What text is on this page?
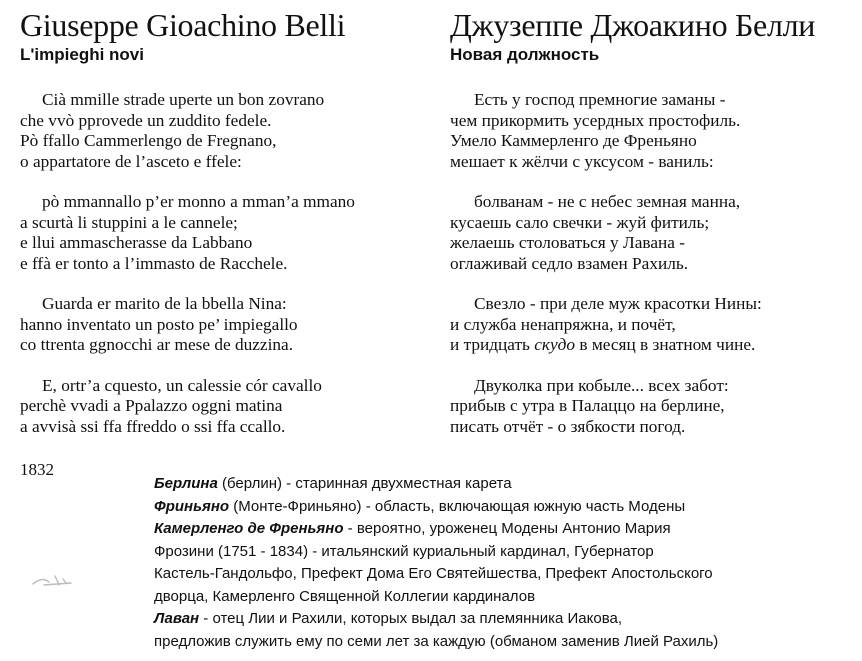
Giuseppe Gioachino Belli
L'impieghi novi
Cià mmille strade uperte un bon zovrano
che vvò pprovede un zuddito fedele.
Pò ffallo Cammerlengo de Fregnano,
o appartatore de l’asceto e ffele:
pò mmannallo p’er monno a mman’a mmano
a scurtà li stuppini a le cannele;
e llui ammascherasse da Labbano
e ffà er tonto a l’immasto de Racchele.
Guarda er marito de la bbella Nina:
hanno inventato un posto pe’ impiegallo
co ttrenta ggnocchi ar mese de duzzina.
E, ortr’a cquesto, un calessie cór cavallo
perchè vvadi a Ppalazzo oggni matina
a avvisà ssi ffa ffreddo o ssi ffa ccallo.
Джузеппе Джоакино Белли
Новая должность
Есть у господ премногие заманы -
чем прикормить усердных простофиль.
Умело Каммерленго де Френьяно
мешает к жёлчи с уксусом - ваниль:
болванам - не с небес земная манна,
кусаешь сало свечки - жуй фитиль;
желаешь столоваться у Лавана -
оглаживай седло взамен Рахиль.
Свезло - при деле муж красотки Нины:
и служба ненапряжна, и почёт,
и тридцать скудо в месяц в знатном чине.
Двуколка при кобыле... всех забот:
прибыв с утра в Палаццо на берлине,
писать отчёт - о зябкости погод.
1832
Берлина (берлин) - старинная двухместная карета
Фриньяно (Монте-Фриньяно) - область, включающая южную часть Модены
Камерленго де Френьяно - вероятно, уроженец Модены Антонио Мария
Фрозини (1751 - 1834) - итальянский куриальный кардинал, Губернатор
Кастель-Гандольфо, Префект Дома Его Святейшества, Префект Апостольского
дворца, Камерленго Священной Коллегии кардиналов
Лаван - отец Лии и Рахили, которых выдал за племянника Иакова,
предложив служить ему по семи лет за каждую (обманом заменив Лией Рахиль)
